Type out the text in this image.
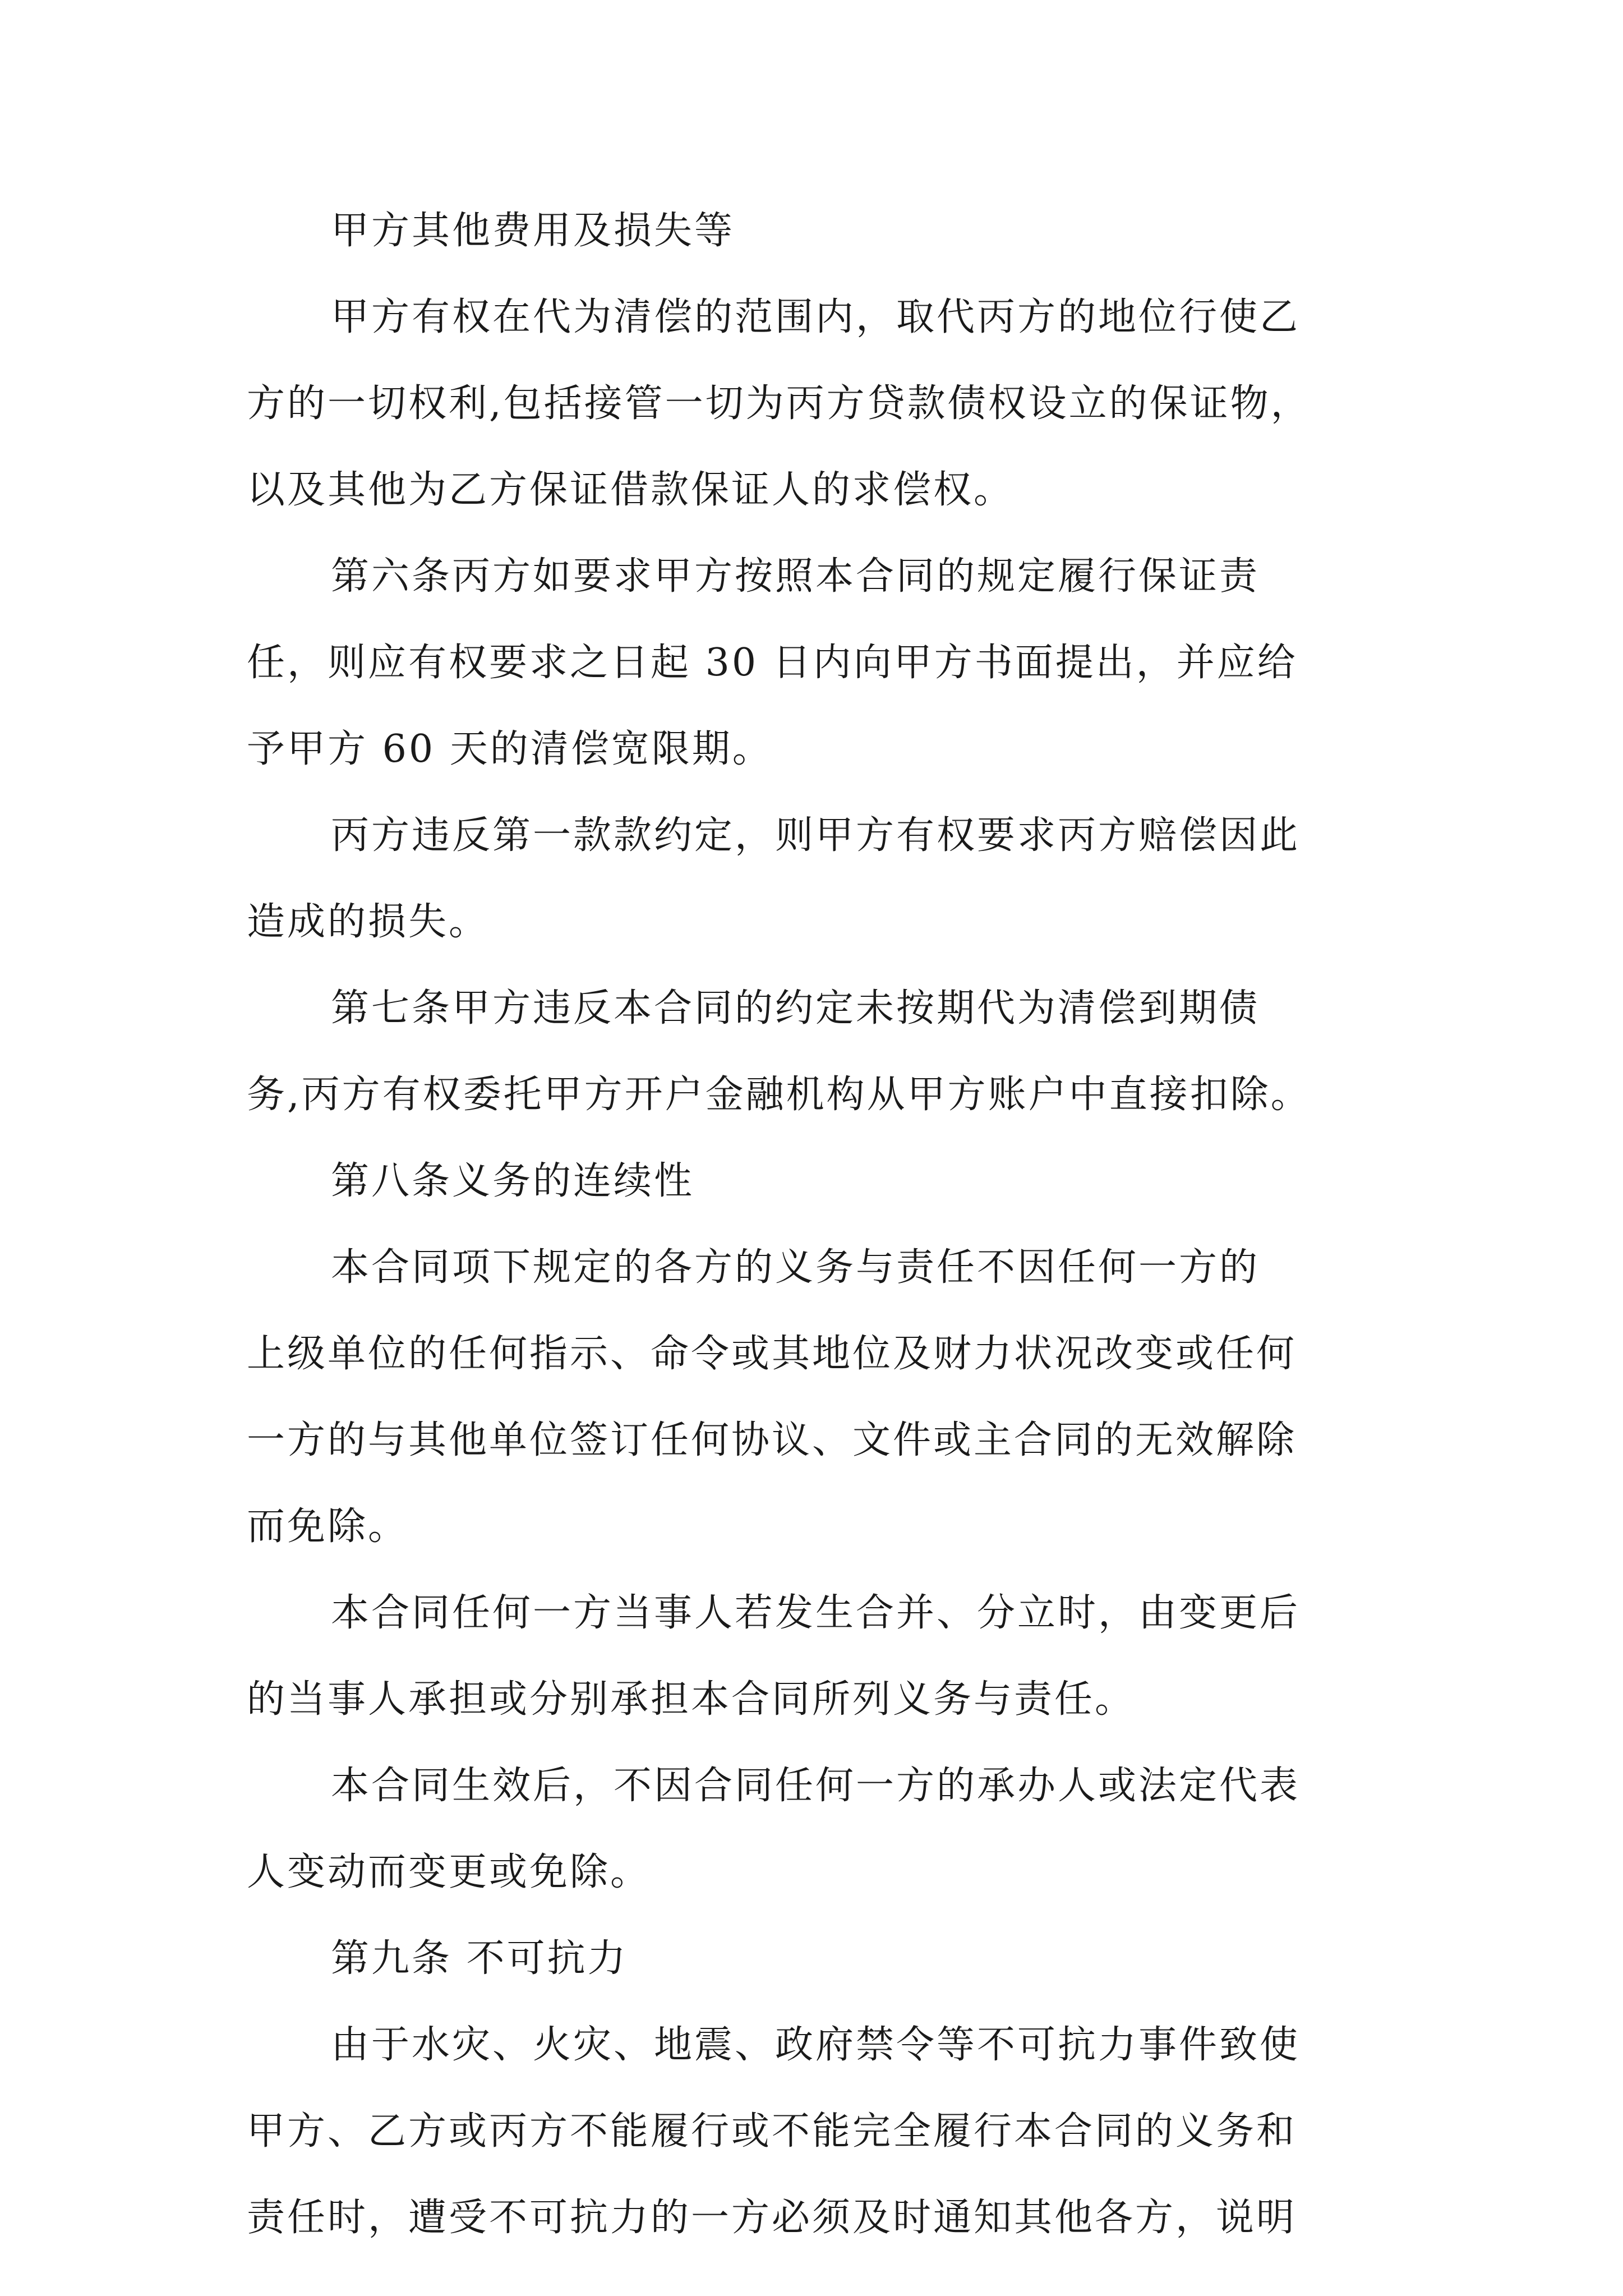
甲方其他费用及损失等
甲方有权在代为清偿的范围内，取代丙方的地位行使乙
方的一切权利,包括接管一切为丙方贷款债权设立的保证物，
以及其他为乙方保证借款保证人的求偿权。
第六条丙方如要求甲方按照本合同的规定履行保证责
任，则应有权要求之日起 30 日内向甲方书面提出，并应给
予甲方 60 天的清偿宽限期。
丙方违反第一款款约定，则甲方有权要求丙方赔偿因此
造成的损失。
第七条甲方违反本合同的约定未按期代为清偿到期债
务,丙方有权委托甲方开户金融机构从甲方账户中直接扣除。
第八条义务的连续性
本合同项下规定的各方的义务与责任不因任何一方的
上级单位的任何指示、命令或其地位及财力状况改变或任何
一方的与其他单位签订任何协议、文件或主合同的无效解除
而免除。
本合同任何一方当事人若发生合并、分立时，由变更后
的当事人承担或分别承担本合同所列义务与责任。
本合同生效后，不因合同任何一方的承办人或法定代表
人变动而变更或免除。
第九条 不可抗力
由于水灾、火灾、地震、政府禁令等不可抗力事件致使
甲方、乙方或丙方不能履行或不能完全履行本合同的义务和
责任时，遭受不可抗力的一方必须及时通知其他各方，说明
